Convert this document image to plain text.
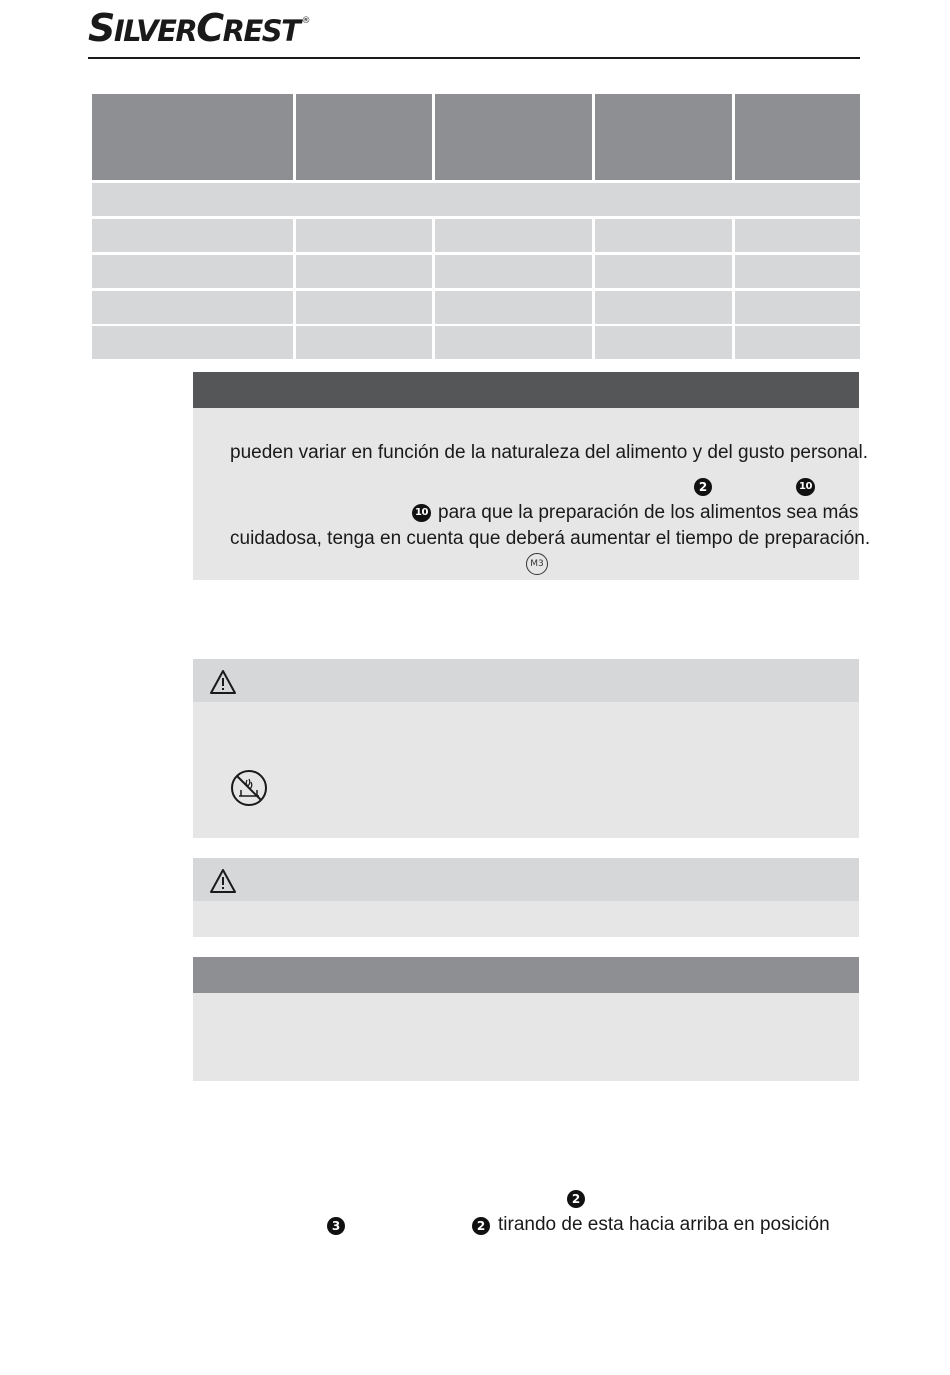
SILVERCREST ®
pueden variar en función de la naturaleza del alimento y del gusto personal.
2	10
10 para que la preparación de los alimentos sea más
cuidadosa, tenga en cuenta que deberá aumentar el tiempo de preparación.
M3
2
3	2 tirando de esta hacia arriba en posición
